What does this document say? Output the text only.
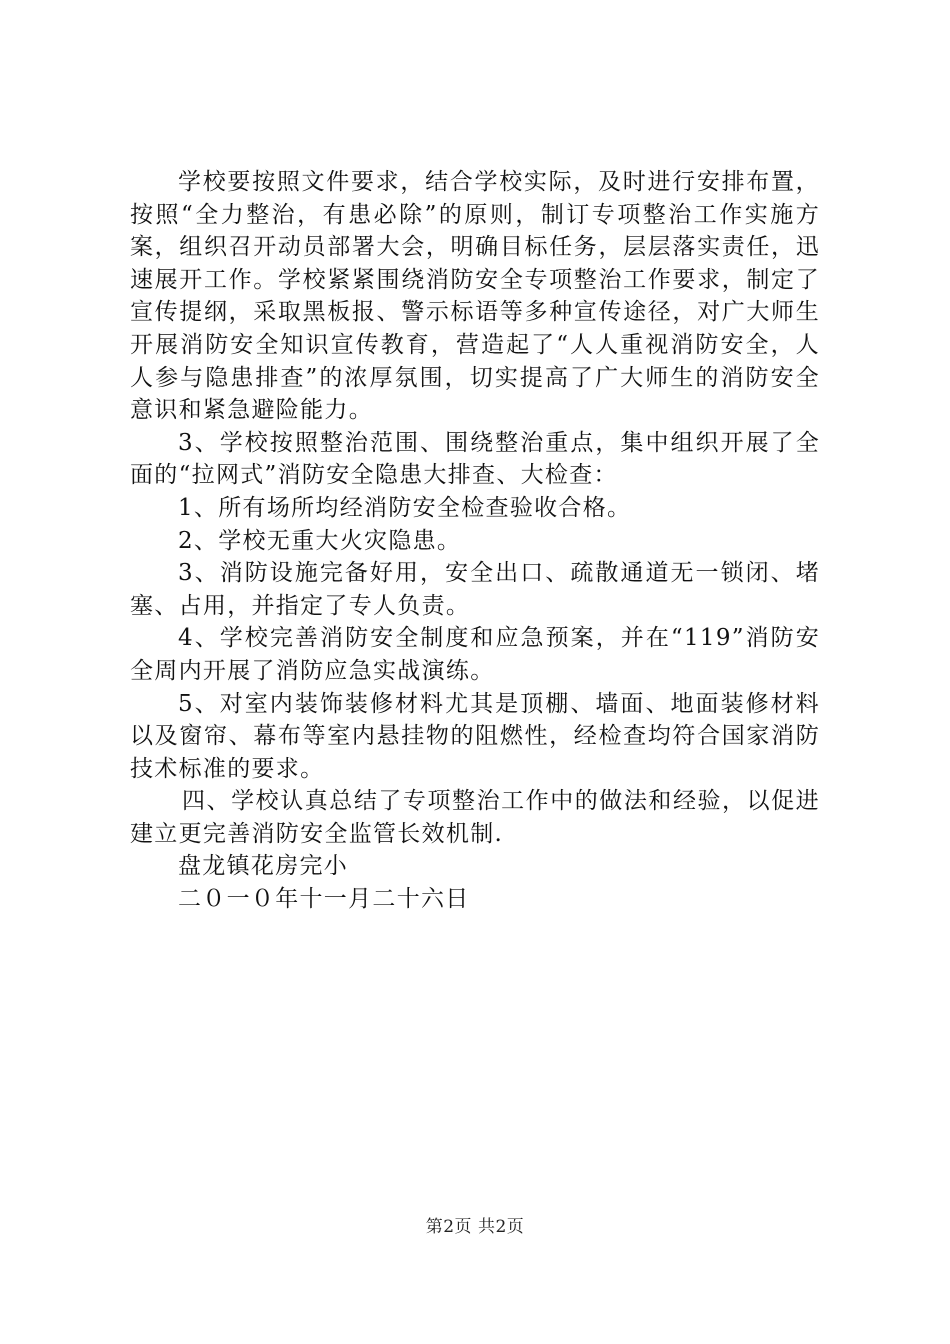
学校要按照文件要求，结合学校实际，及时进行安排布置，按照“全力整治，有患必除”的原则，制订专项整治工作实施方案，组织召开动员部署大会，明确目标任务，层层落实责任，迅速展开工作。学校紧紧围绕消防安全专项整治工作要求，制定了宣传提纲，采取黑板报、警示标语等多种宣传途径，对广大师生开展消防安全知识宣传教育，营造起了“人人重视消防安全，人人参与隐患排查”的浓厚氛围，切实提高了广大师生的消防安全意识和紧急避险能力。

3、学校按照整治范围、围绕整治重点，集中组织开展了全面的“拉网式”消防安全隐患大排查、大检查：

1、所有场所均经消防安全检查验收合格。

2、学校无重大火灾隐患。

3、消防设施完备好用，安全出口、疏散通道无一锁闭、堵塞、占用，并指定了专人负责。

4、学校完善消防安全制度和应急预案，并在“119”消防安全周内开展了消防应急实战演练。

5、对室内装饰装修材料尤其是顶棚、墙面、地面装修材料以及窗帘、幕布等室内悬挂物的阻燃性，经检查均符合国家消防技术标准的要求。

四、学校认真总结了专项整治工作中的做法和经验，以促进建立更完善消防安全监管长效机制.

盘龙镇花房完小

二０一０年十一月二十六日

第2页 共2页
